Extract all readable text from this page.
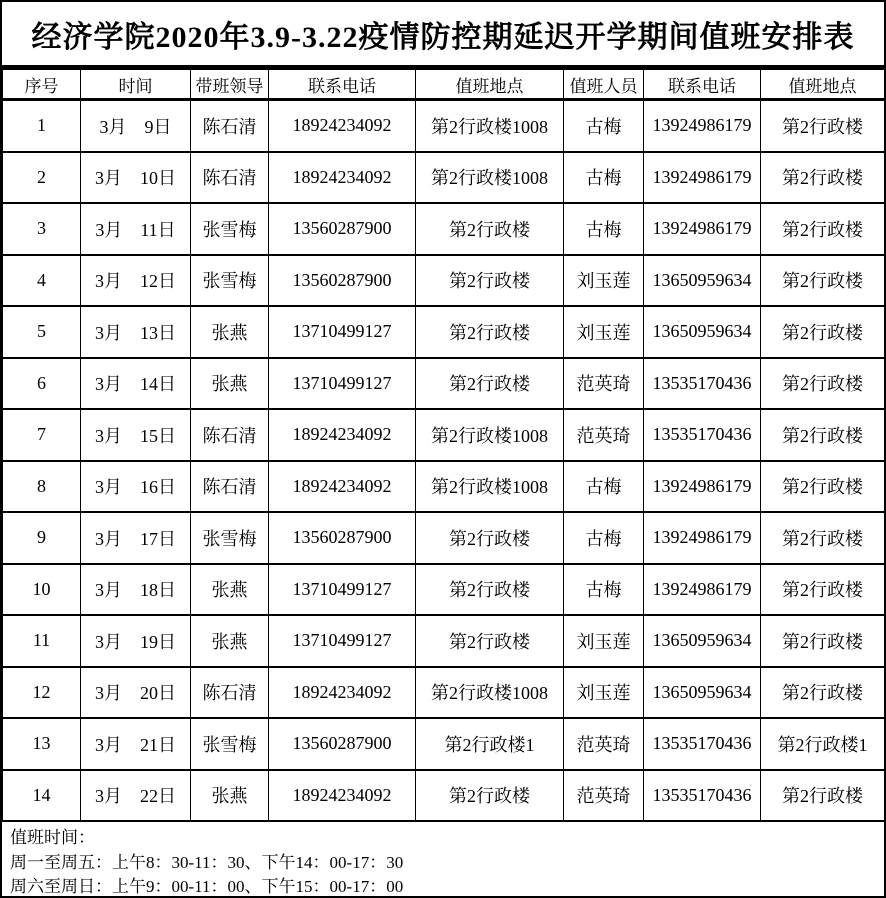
经济学院2020年3.9-3.22疫情防控期延迟开学期间值班安排表
序号	时间	带班领导	联系电话	值班地点	值班人员	联系电话	值班地点
1	3月　9日	陈石清	18924234092	第2行政楼1008	古梅	13924986179	第2行政楼
2	3月　10日	陈石清	18924234092	第2行政楼1008	古梅	13924986179	第2行政楼
3	3月　11日	张雪梅	13560287900	第2行政楼	古梅	13924986179	第2行政楼
4	3月　12日	张雪梅	13560287900	第2行政楼	刘玉莲	13650959634	第2行政楼
5	3月　13日	张燕	13710499127	第2行政楼	刘玉莲	13650959634	第2行政楼
6	3月　14日	张燕	13710499127	第2行政楼	范英琦	13535170436	第2行政楼
7	3月　15日	陈石清	18924234092	第2行政楼1008	范英琦	13535170436	第2行政楼
8	3月　16日	陈石清	18924234092	第2行政楼1008	古梅	13924986179	第2行政楼
9	3月　17日	张雪梅	13560287900	第2行政楼	古梅	13924986179	第2行政楼
10	3月　18日	张燕	13710499127	第2行政楼	古梅	13924986179	第2行政楼
11	3月　19日	张燕	13710499127	第2行政楼	刘玉莲	13650959634	第2行政楼
12	3月　20日	陈石清	18924234092	第2行政楼1008	刘玉莲	13650959634	第2行政楼
13	3月　21日	张雪梅	13560287900	第2行政楼1	范英琦	13535170436	第2行政楼1
14	3月　22日	张燕	18924234092	第2行政楼	范英琦	13535170436	第2行政楼
值班时间：
周一至周五：上午8：30-11：30、下午14：00-17：30
周六至周日：上午9：00-11：00、下午15：00-17：00
